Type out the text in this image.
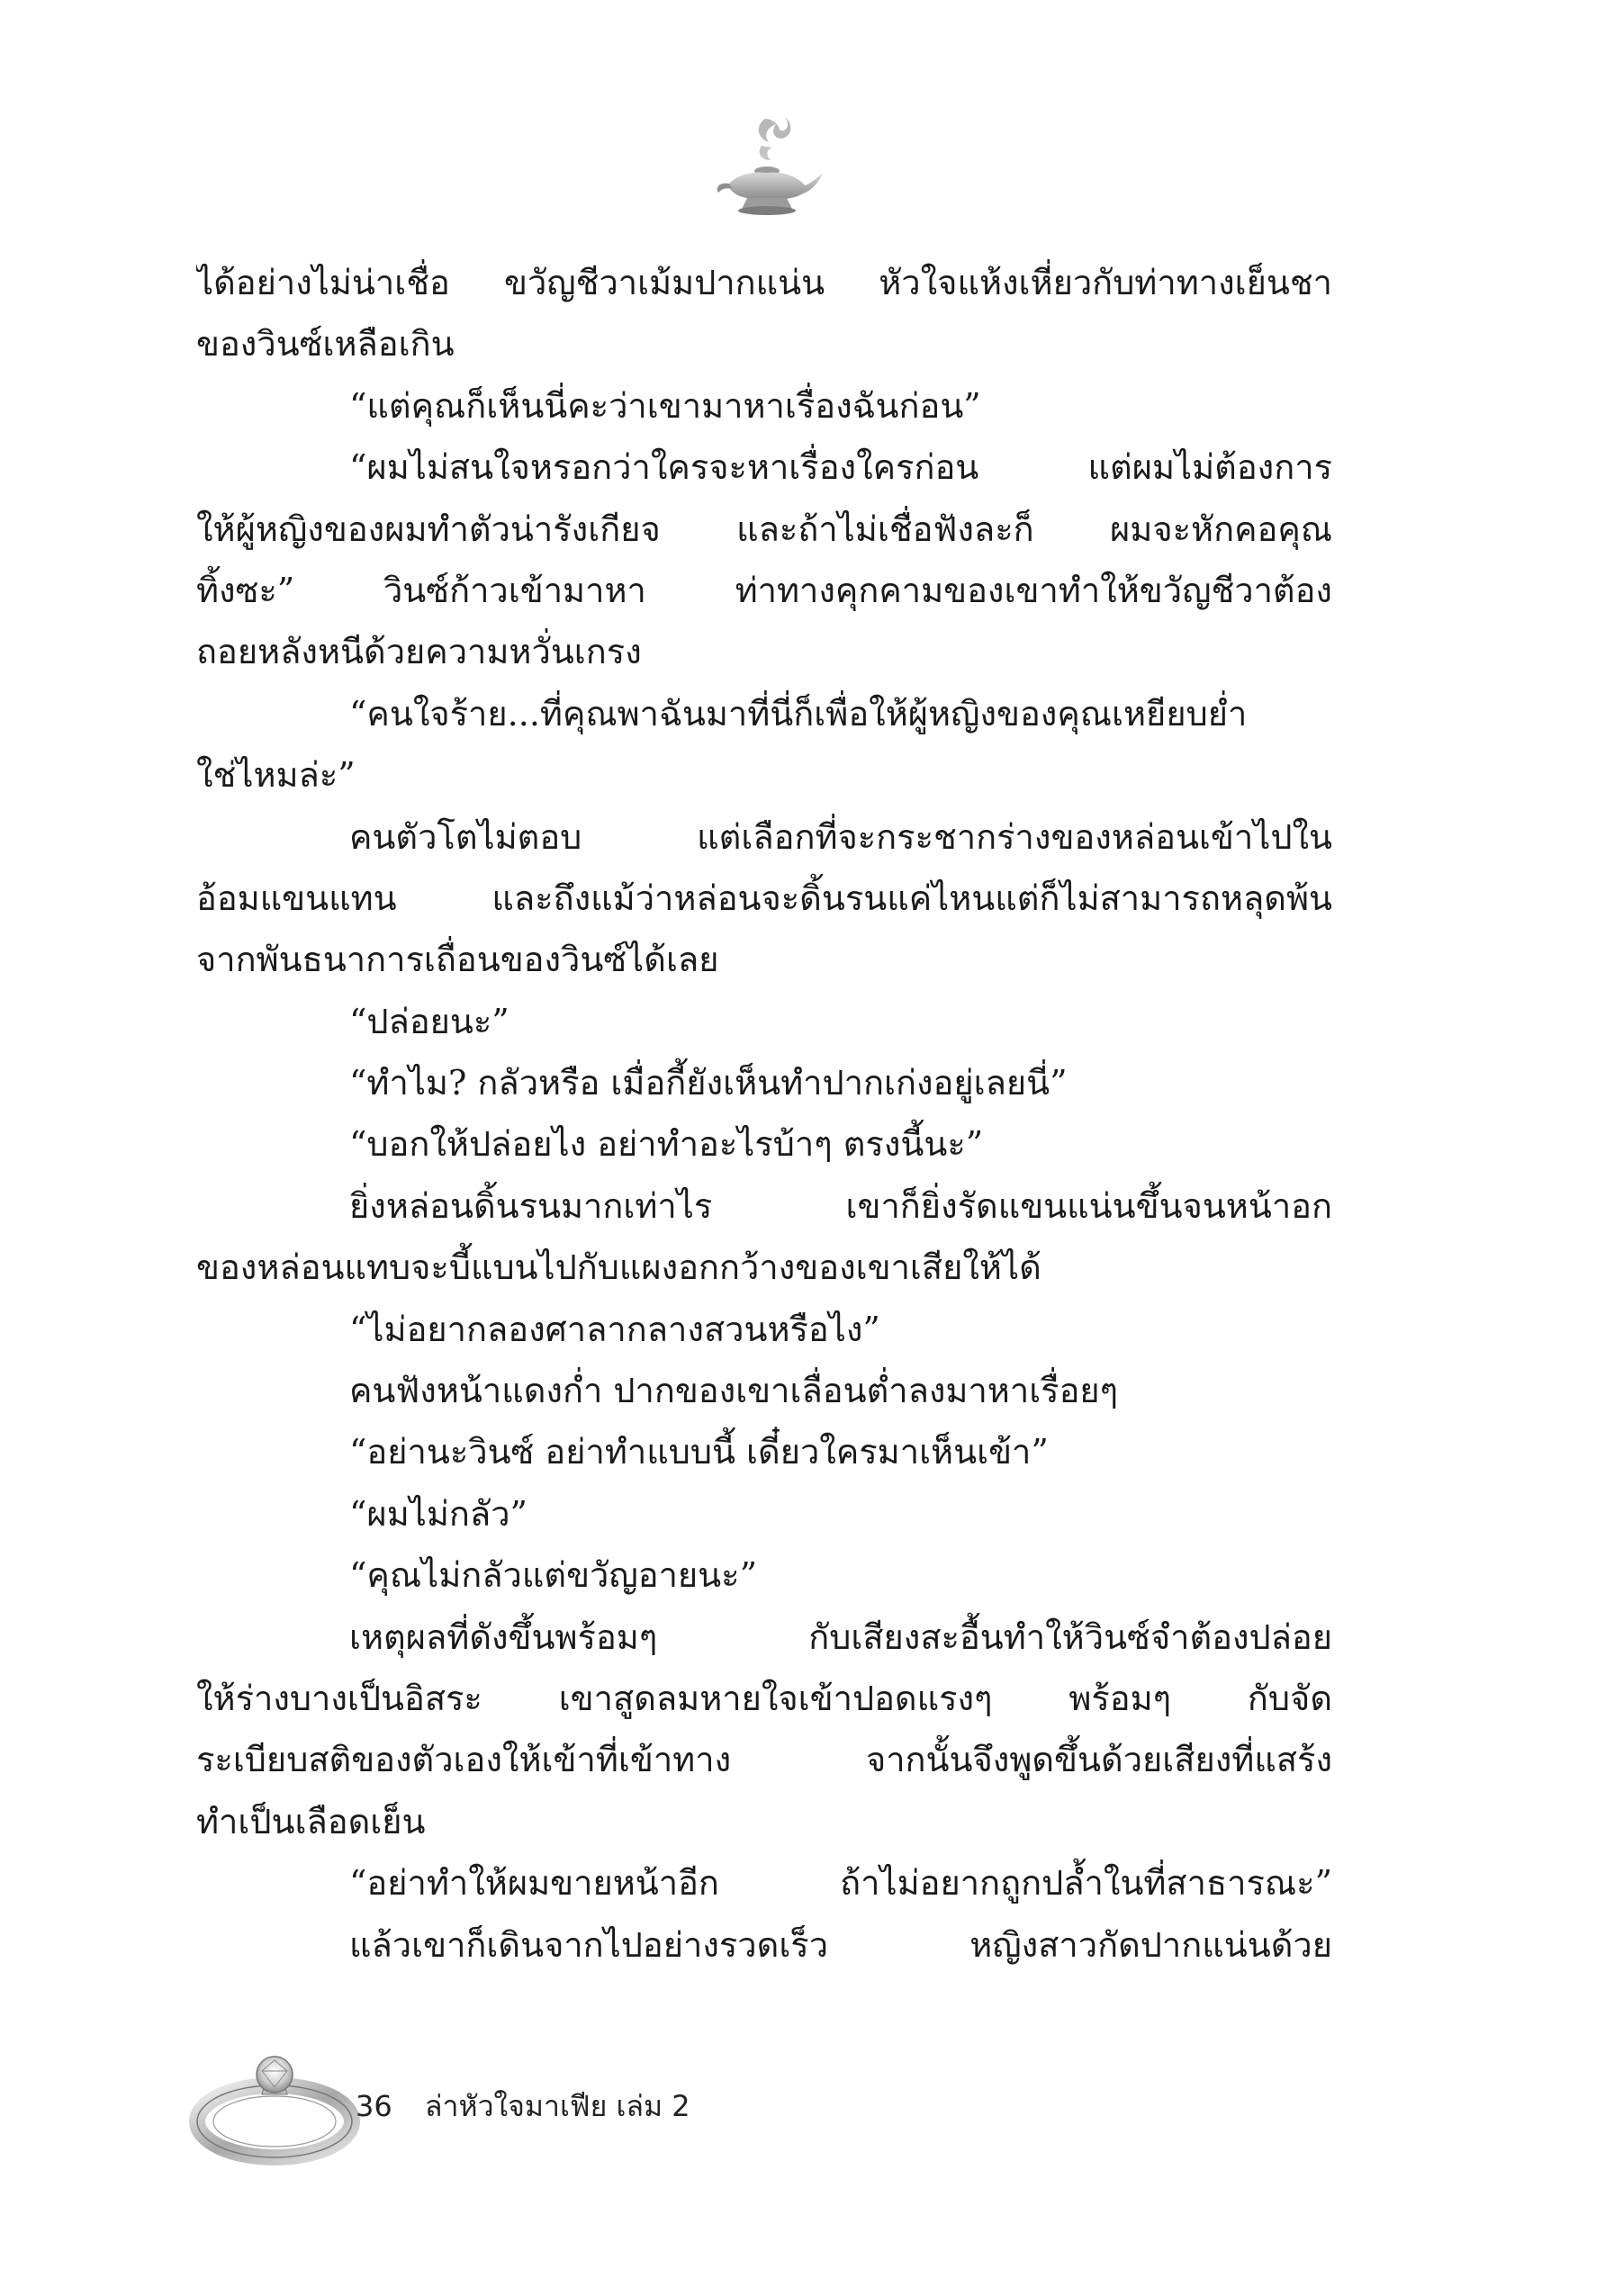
ได้อย่างไม่น่าเชื่อ ขวัญชีวาเม้มปากแน่น หัวใจแห้งเหี่ยวกับท่าทางเย็นชา
ของวินซ์เหลือเกิน
“แต่คุณก็เห็นนี่คะว่าเขามาหาเรื่องฉันก่อน”
“ผมไม่สนใจหรอกว่าใครจะหาเรื่องใครก่อน แต่ผมไม่ต้องการ
ให้ผู้หญิงของผมทำตัวน่ารังเกียจ และถ้าไม่เชื่อฟังละก็ ผมจะหักคอคุณ
ทิ้งซะ” วินซ์ก้าวเข้ามาหา ท่าทางคุกคามของเขาทำให้ขวัญชีวาต้อง
ถอยหลังหนีด้วยความหวั่นเกรง
“คนใจร้าย...ที่คุณพาฉันมาที่นี่ก็เพื่อให้ผู้หญิงของคุณเหยียบย่ำ
ใช่ไหมล่ะ”
คนตัวโตไม่ตอบ แต่เลือกที่จะกระชากร่างของหล่อนเข้าไปใน
อ้อมแขนแทน และถึงแม้ว่าหล่อนจะดิ้นรนแค่ไหนแต่ก็ไม่สามารถหลุดพ้น
จากพันธนาการเถื่อนของวินซ์ได้เลย
“ปล่อยนะ”
“ทำไม? กลัวหรือ เมื่อกี้ยังเห็นทำปากเก่งอยู่เลยนี่”
“บอกให้ปล่อยไง อย่าทำอะไรบ้าๆ ตรงนี้นะ”
ยิ่งหล่อนดิ้นรนมากเท่าไร เขาก็ยิ่งรัดแขนแน่นขึ้นจนหน้าอก
ของหล่อนแทบจะบี้แบนไปกับแผงอกกว้างของเขาเสียให้ได้
“ไม่อยากลองศาลากลางสวนหรือไง”
คนฟังหน้าแดงก่ำ ปากของเขาเลื่อนต่ำลงมาหาเรื่อยๆ
“อย่านะวินซ์ อย่าทำแบบนี้ เดี๋ยวใครมาเห็นเข้า”
“ผมไม่กลัว”
“คุณไม่กลัวแต่ขวัญอายนะ”
เหตุผลที่ดังขึ้นพร้อมๆ กับเสียงสะอื้นทำให้วินซ์จำต้องปล่อย
ให้ร่างบางเป็นอิสระ เขาสูดลมหายใจเข้าปอดแรงๆ พร้อมๆ กับจัด
ระเบียบสติของตัวเองให้เข้าที่เข้าทาง จากนั้นจึงพูดขึ้นด้วยเสียงที่แสร้ง
ทำเป็นเลือดเย็น
“อย่าทำให้ผมขายหน้าอีก ถ้าไม่อยากถูกปล้ำในที่สาธารณะ”
แล้วเขาก็เดินจากไปอย่างรวดเร็ว หญิงสาวกัดปากแน่นด้วย
36 ล่าหัวใจมาเฟีย เล่ม 2
